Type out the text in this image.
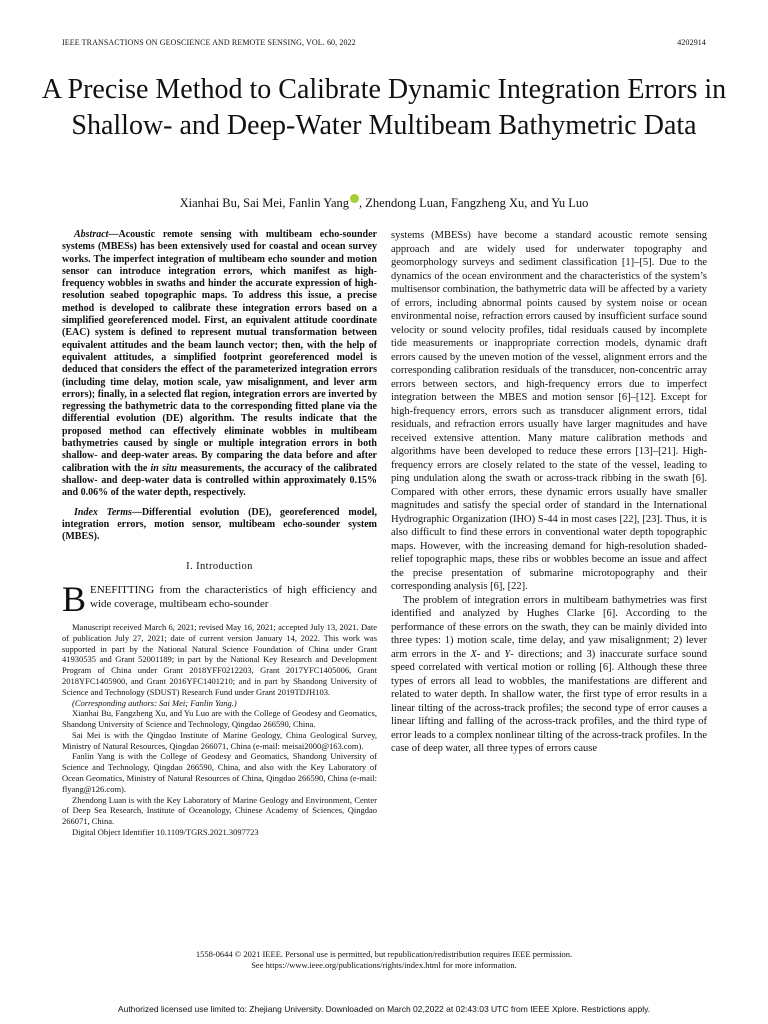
IEEE TRANSACTIONS ON GEOSCIENCE AND REMOTE SENSING, VOL. 60, 2022	4202914
A Precise Method to Calibrate Dynamic Integration Errors in Shallow- and Deep-Water Multibeam Bathymetric Data
Xianhai Bu, Sai Mei, Fanlin Yang , Zhendong Luan, Fangzheng Xu, and Yu Luo

Abstract—Acoustic remote sensing with multibeam echo-sounder systems (MBESs) has been extensively used for coastal and ocean survey works. The imperfect integration of multibeam echo sounder and motion sensor can introduce integration errors, which manifest as high-frequency wobbles in swaths and hinder the accurate expression of high-resolution seabed topographic maps. To address this issue, a precise method is developed to calibrate these integration errors based on a simplified georeferenced model. First, an equivalent attitude coordinate (EAC) system is defined to represent mutual transformation between equivalent attitudes and the beam launch vector; then, with the help of equivalent attitudes, a simplified footprint georeferenced model is deduced that considers the effect of the parameterized integration errors (including time delay, motion scale, yaw misalignment, and lever arm errors); finally, in a selected flat region, integration errors are inverted by regressing the bathymetric data to the corresponding fitted plane via the differential evolution (DE) algorithm. The results indicate that the proposed method can effectively eliminate wobbles in multibeam bathymetries caused by single or multiple integration errors in both shallow- and deep-water areas. By comparing the data before and after calibration with the in situ measurements, the accuracy of the calibrated shallow- and deep-water data is controlled within approximately 0.15% and 0.06% of the water depth, respectively.

Index Terms—Differential evolution (DE), georeferenced model, integration errors, motion sensor, multibeam echo-sounder system (MBES).

I. Introduction

BENEFITTING from the characteristics of high efficiency and wide coverage, multibeam echo-sounder

Manuscript received March 6, 2021; revised May 16, 2021; accepted July 13, 2021. Date of publication July 27, 2021; date of current version January 14, 2022. This work was supported in part by the National Natural Science Foundation of China under Grant 41930535 and Grant 52001189; in part by the National Key Research and Development Program of China under Grant 2018YFF0212203, Grant 2017YFC1405006, Grant 2018YFC1405900, and Grant 2016YFC1401210; and in part by Shandong University of Science and Technology (SDUST) Research Fund under Grant 2019TDJH103.

(Corresponding authors: Sai Mei; Fanlin Yang.)

Xianhai Bu, Fangzheng Xu, and Yu Luo are with the College of Geodesy and Geomatics, Shandong University of Science and Technology, Qingdao 266590, China.

Sai Mei is with the Qingdao Institute of Marine Geology, China Geological Survey, Ministry of Natural Resources, Qingdao 266071, China (e-mail: meisai2000@163.com).

Fanlin Yang is with the College of Geodesy and Geomatics, Shandong University of Science and Technology, Qingdao 266590, China, and also with the Key Laboratory of Ocean Geomatics, Ministry of Natural Resources of China, Qingdao 266590, China (e-mail: flyang@126.com).

Zhendong Luan is with the Key Laboratory of Marine Geology and Environment, Center of Deep Sea Research, Institute of Oceanology, Chinese Academy of Sciences, Qingdao 266071, China.

Digital Object Identifier 10.1109/TGRS.2021.3097723

systems (MBESs) have become a standard acoustic remote sensing approach and are widely used for underwater topography and geomorphology surveys and sediment classification [1]–[5]. Due to the dynamics of the ocean environment and the characteristics of the system’s multisensor combination, the bathymetric data will be affected by a variety of errors, including abnormal points caused by system noise or ocean environmental noise, refraction errors caused by insufficient surface sound velocity or sound velocity profiles, tidal residuals caused by incomplete tide measurements or inappropriate correction models, dynamic draft errors caused by the uneven motion of the vessel, alignment errors and the corresponding calibration residuals of the transducer, non-concentric array errors between sectors, and high-frequency errors due to imperfect integration between the MBES and motion sensor [6]–[12]. Except for high-frequency errors, errors such as transducer alignment errors, tidal residuals, and refraction errors usually have larger magnitudes and have received extensive attention. Many mature calibration methods and algorithms have been developed to reduce these errors [13]–[21]. High-frequency errors are closely related to the state of the vessel, leading to ping undulation along the swath or across-track ribbing in the swath [6]. Compared with other errors, these dynamic errors usually have smaller magnitudes and satisfy the special order of standard in the International Hydrographic Organization (IHO) S-44 in most cases [22], [23]. Thus, it is also difficult to find these errors in conventional water depth topographic maps. However, with the increasing demand for high-resolution shaded-relief topographic maps, these ribs or wobbles become an issue and affect the precise presentation of submarine microtopography and their corresponding analysis [6], [22].

The problem of integration errors in multibeam bathymetries was first identified and analyzed by Hughes Clarke [6]. According to the performance of these errors on the swath, they can be mainly divided into three types: 1) motion scale, time delay, and yaw misalignment; 2) lever arm errors in the X- and Y- directions; and 3) inaccurate surface sound speed correlated with vertical motion or rolling [6]. Although these three types of errors all lead to wobbles, the manifestations are different and related to water depth. In shallow water, the first type of error results in a linear tilting of the across-track profiles; the second type of error causes a linear lifting and falling of the across-track profiles, and the third type of error leads to a complex nonlinear tilting of the across-track profiles. In the case of deep water, all three types of errors cause

1558-0644 © 2021 IEEE. Personal use is permitted, but republication/redistribution requires IEEE permission.
See https://www.ieee.org/publications/rights/index.html for more information.
Authorized licensed use limited to: Zhejiang University. Downloaded on March 02,2022 at 02:43:03 UTC from IEEE Xplore. Restrictions apply.
